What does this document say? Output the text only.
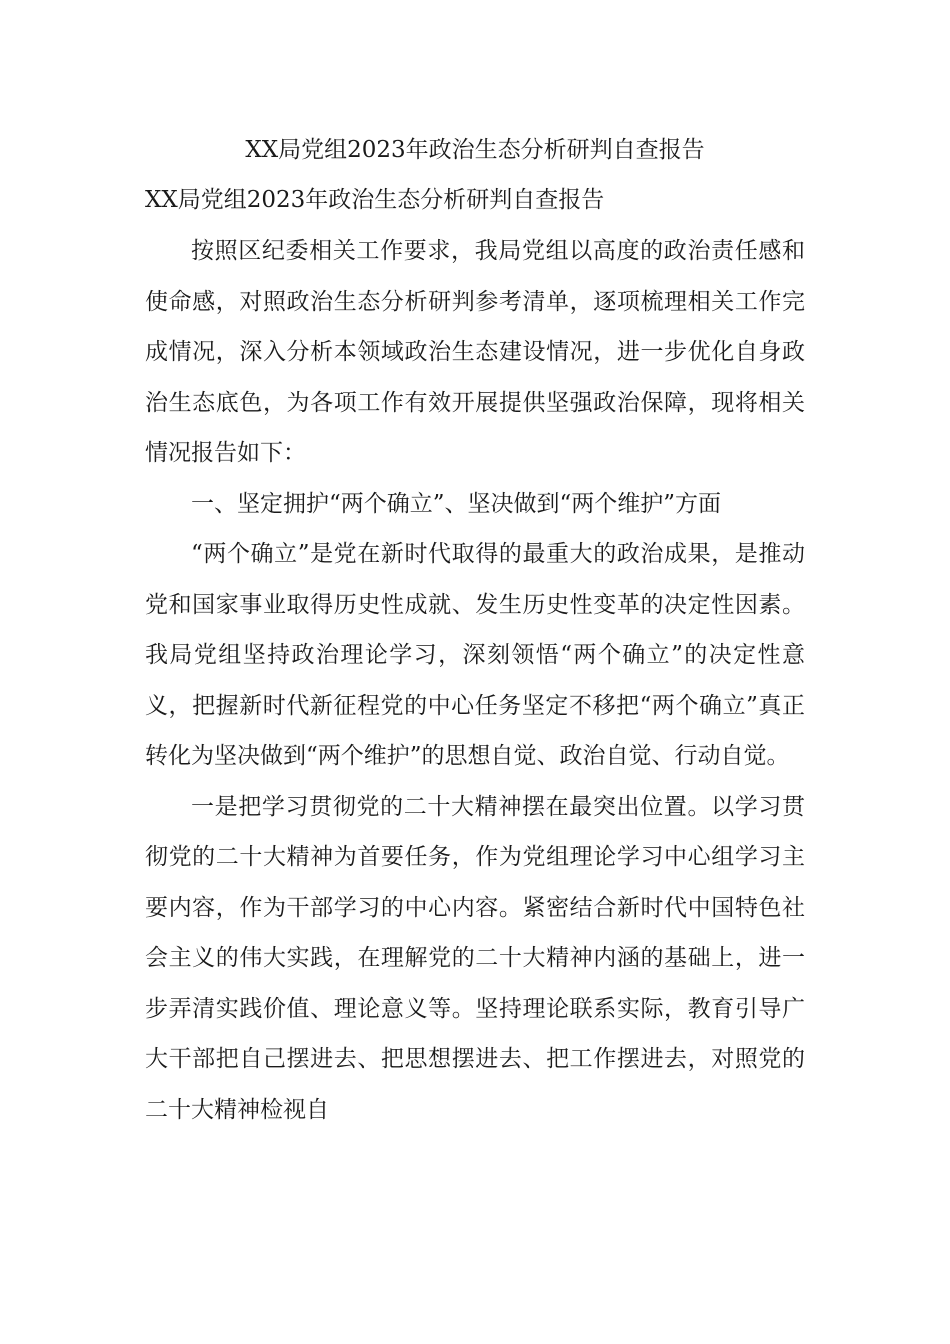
XX局党组2023年政治生态分析研判自查报告
XX局党组2023年政治生态分析研判自查报告

按照区纪委相关工作要求，我局党组以高度的政治责任感和使命感，对照政治生态分析研判参考清单，逐项梳理相关工作完成情况，深入分析本领域政治生态建设情况，进一步优化自身政治生态底色，为各项工作有效开展提供坚强政治保障，现将相关情况报告如下：

一、坚定拥护“两个确立”、坚决做到“两个维护”方面

“两个确立”是党在新时代取得的最重大的政治成果，是推动党和国家事业取得历史性成就、发生历史性变革的决定性因素。我局党组坚持政治理论学习，深刻领悟“两个确立”的决定性意义，把握新时代新征程党的中心任务坚定不移把“两个确立”真正转化为坚决做到“两个维护”的思想自觉、政治自觉、行动自觉。

一是把学习贯彻党的二十大精神摆在最突出位置。以学习贯彻党的二十大精神为首要任务，作为党组理论学习中心组学习主要内容，作为干部学习的中心内容。紧密结合新时代中国特色社会主义的伟大实践，在理解党的二十大精神内涵的基础上，进一步弄清实践价值、理论意义等。坚持理论联系实际，教育引导广大干部把自己摆进去、把思想摆进去、把工作摆进去，对照党的二十大精神检视自
